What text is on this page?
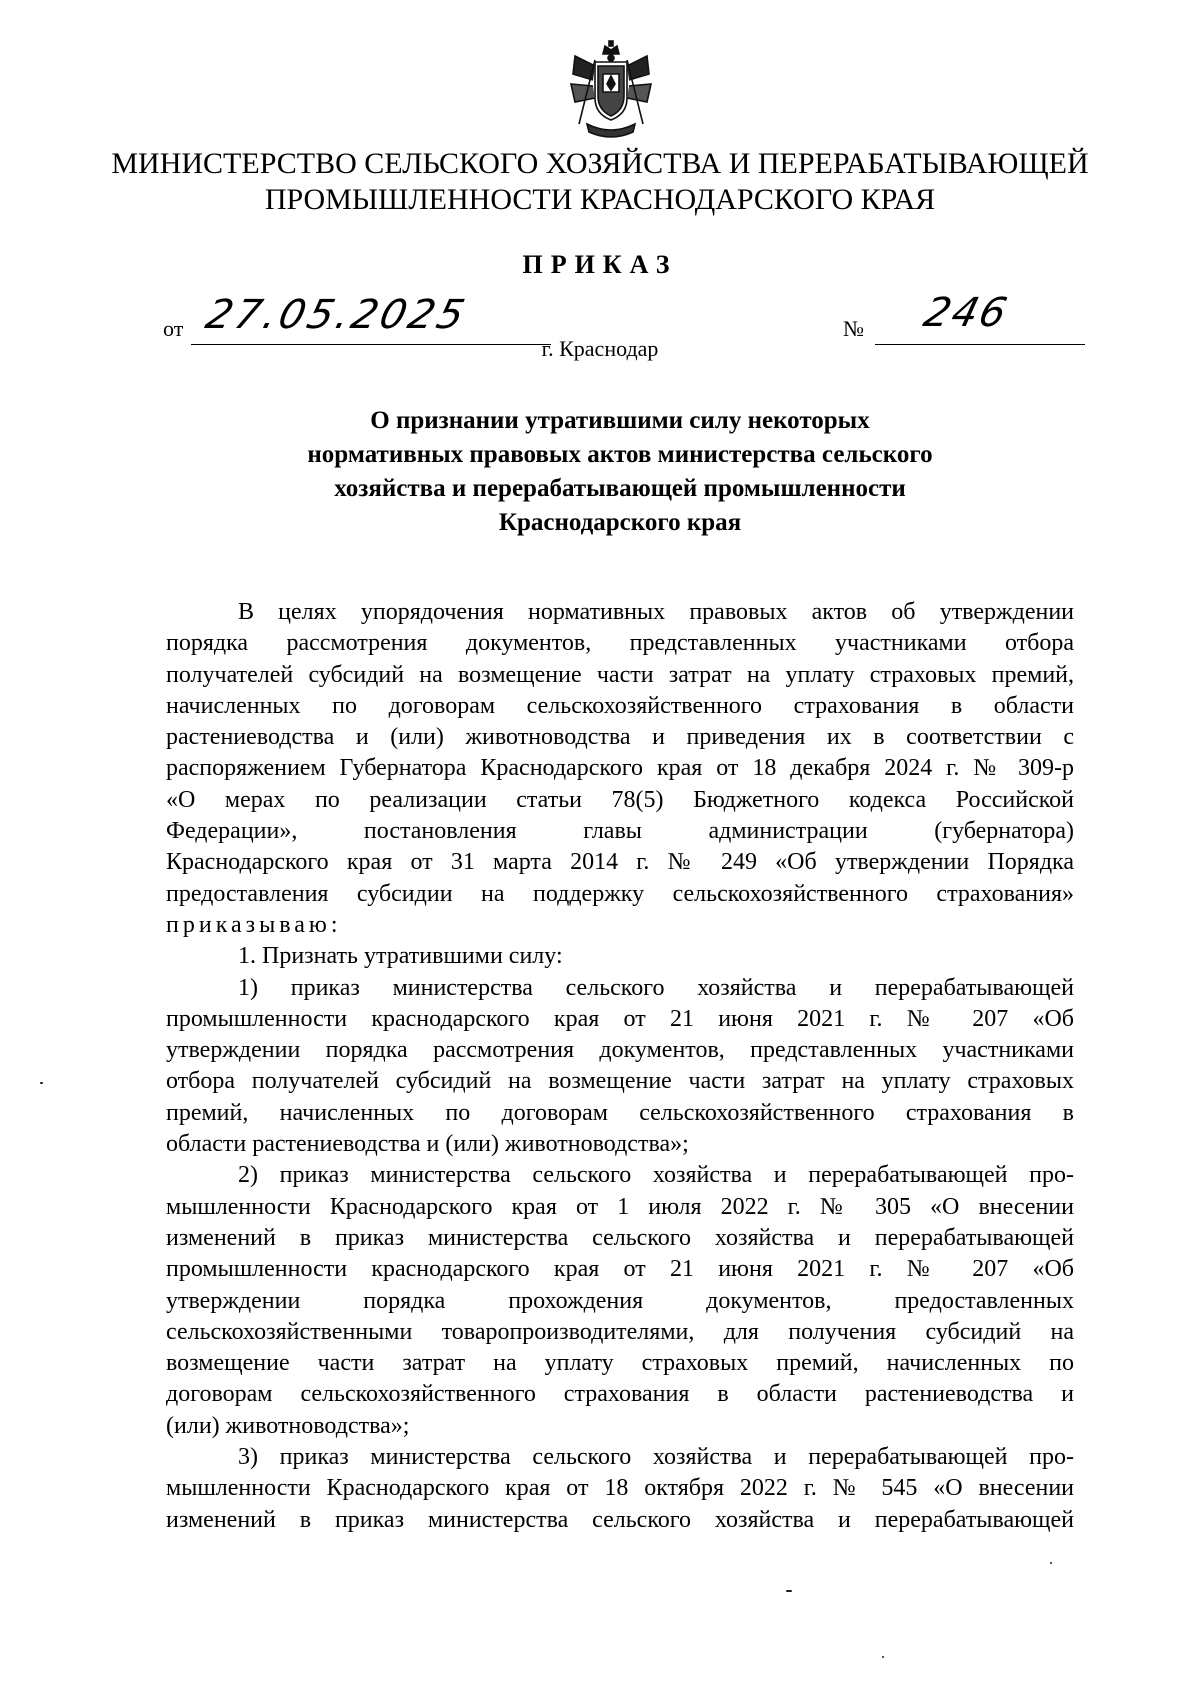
МИНИСТЕРСТВО СЕЛЬСКОГО ХОЗЯЙСТВА И ПЕРЕРАБАТЫВАЮЩЕЙ
ПРОМЫШЛЕННОСТИ КРАСНОДАРСКОГО КРАЯ
ПРИКАЗ
от 27.05.2025	№ 246
г. Краснодар
О признании утратившими силу некоторых
нормативных правовых актов министерства сельского
хозяйства и перерабатывающей промышленности
Краснодарского края
В целях упорядочения нормативных правовых актов об утверждении
порядка рассмотрения документов, представленных участниками отбора
получателей субсидий на возмещение части затрат на уплату страховых премий,
начисленных по договорам сельскохозяйственного страхования в области
растениеводства и (или) животноводства и приведения их в соответствии с
распоряжением Губернатора Краснодарского края от 18 декабря 2024 г. № 309-р
«О мерах по реализации статьи 78(5) Бюджетного кодекса Российской
Федерации», постановления главы администрации (губернатора)
Краснодарского края от 31 марта 2014 г. № 249 «Об утверждении Порядка
предоставления субсидии на поддержку сельскохозяйственного страхования»
приказываю:
1. Признать утратившими силу:
1) приказ министерства сельского хозяйства и перерабатывающей
промышленности краснодарского края от 21 июня 2021 г. № 207 «Об
утверждении порядка рассмотрения документов, представленных участниками
отбора получателей субсидий на возмещение части затрат на уплату страховых
премий, начисленных по договорам сельскохозяйственного страхования в
области растениеводства и (или) животноводства»;
2) приказ министерства сельского хозяйства и перерабатывающей про-
мышленности Краснодарского края от 1 июля 2022 г. № 305 «О внесении
изменений в приказ министерства сельского хозяйства и перерабатывающей
промышленности краснодарского края от 21 июня 2021 г. № 207 «Об
утверждении порядка прохождения документов, предоставленных
сельскохозяйственными товаропроизводителями, для получения субсидий на
возмещение части затрат на уплату страховых премий, начисленных по
договорам сельскохозяйственного страхования в области растениеводства и
(или) животноводства»;
3) приказ министерства сельского хозяйства и перерабатывающей про-
мышленности Краснодарского края от 18 октября 2022 г. № 545 «О внесении
изменений в приказ министерства сельского хозяйства и перерабатывающей
